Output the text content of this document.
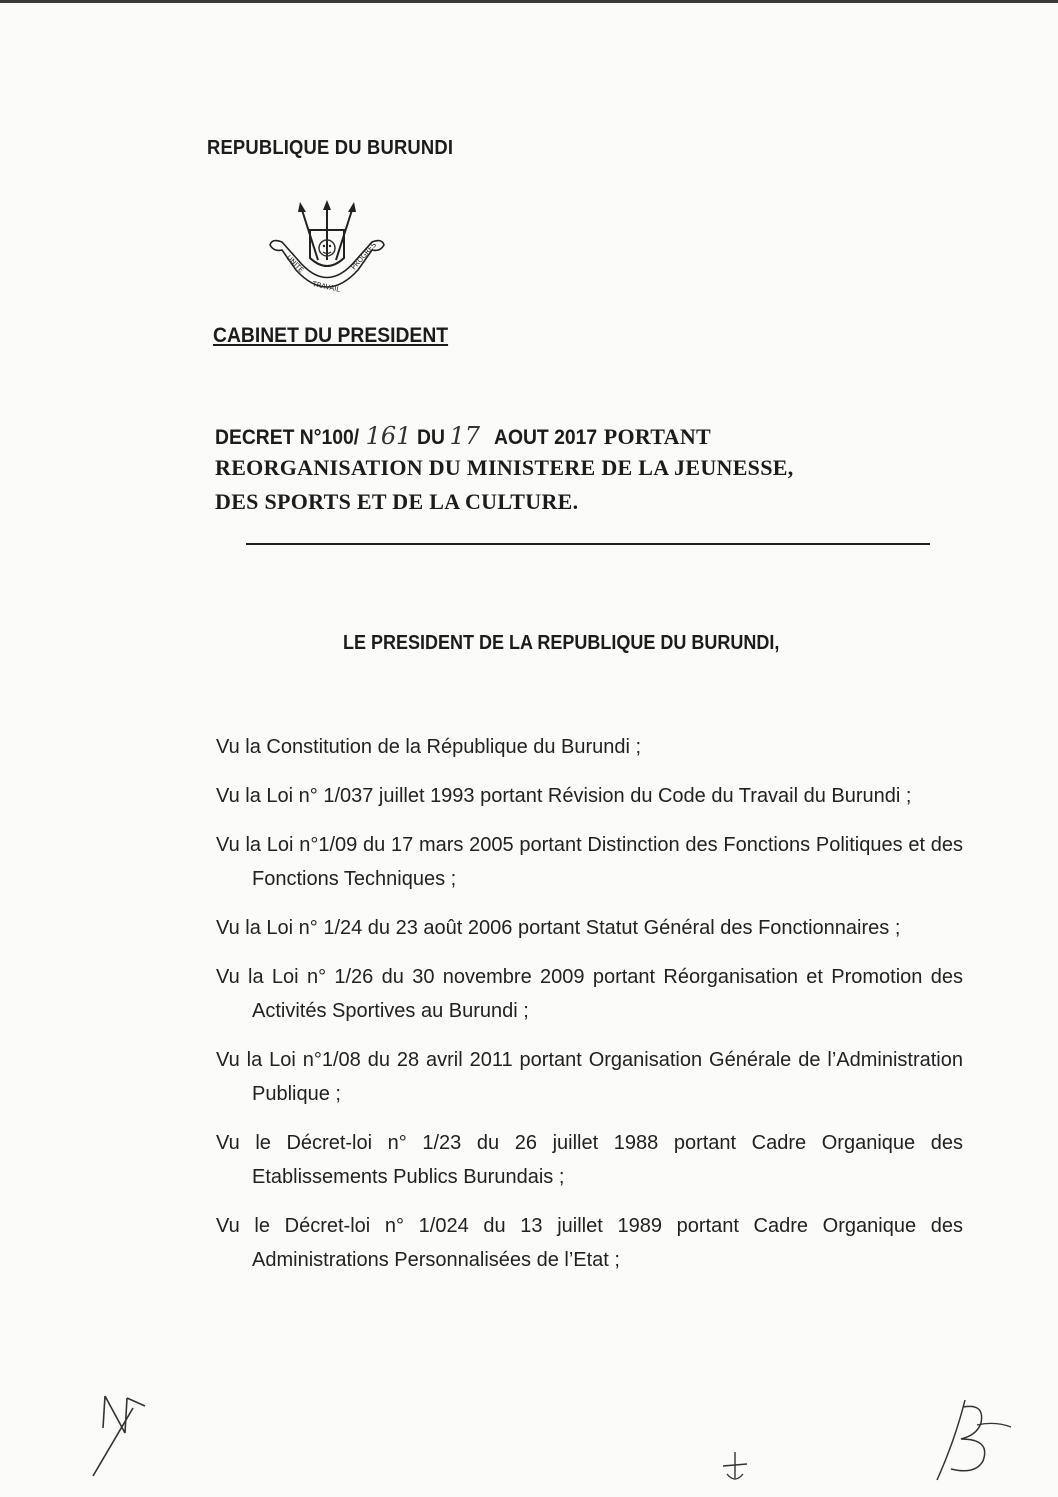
REPUBLIQUE DU BURUNDI
UNITE
TRAVAIL
PROGRES
CABINET DU PRESIDENT
DECRET N°100/ 161 DU 17 AOUT 2017 PORTANT
REORGANISATION DU MINISTERE DE LA JEUNESSE,
DES SPORTS ET DE LA CULTURE.
LE PRESIDENT DE LA REPUBLIQUE DU BURUNDI,
Vu la Constitution de la République du Burundi ;
Vu la Loi n° 1/037 juillet 1993 portant Révision du Code du Travail du Burundi ;
Vu la Loi n°1/09 du 17 mars 2005 portant Distinction des Fonctions Politiques et des Fonctions Techniques ;
Vu la Loi n° 1/24 du 23 août 2006 portant Statut Général des Fonctionnaires ;
Vu la Loi n° 1/26 du 30 novembre 2009 portant Réorganisation et Promotion des Activités Sportives au Burundi ;
Vu la Loi n°1/08 du 28 avril 2011 portant Organisation Générale de l’Administration Publique ;
Vu le Décret-loi n° 1/23 du 26 juillet 1988 portant Cadre Organique des Etablissements Publics Burundais ;
Vu le Décret-loi n° 1/024 du 13 juillet 1989 portant Cadre Organique des Administrations Personnalisées de l’Etat ;
